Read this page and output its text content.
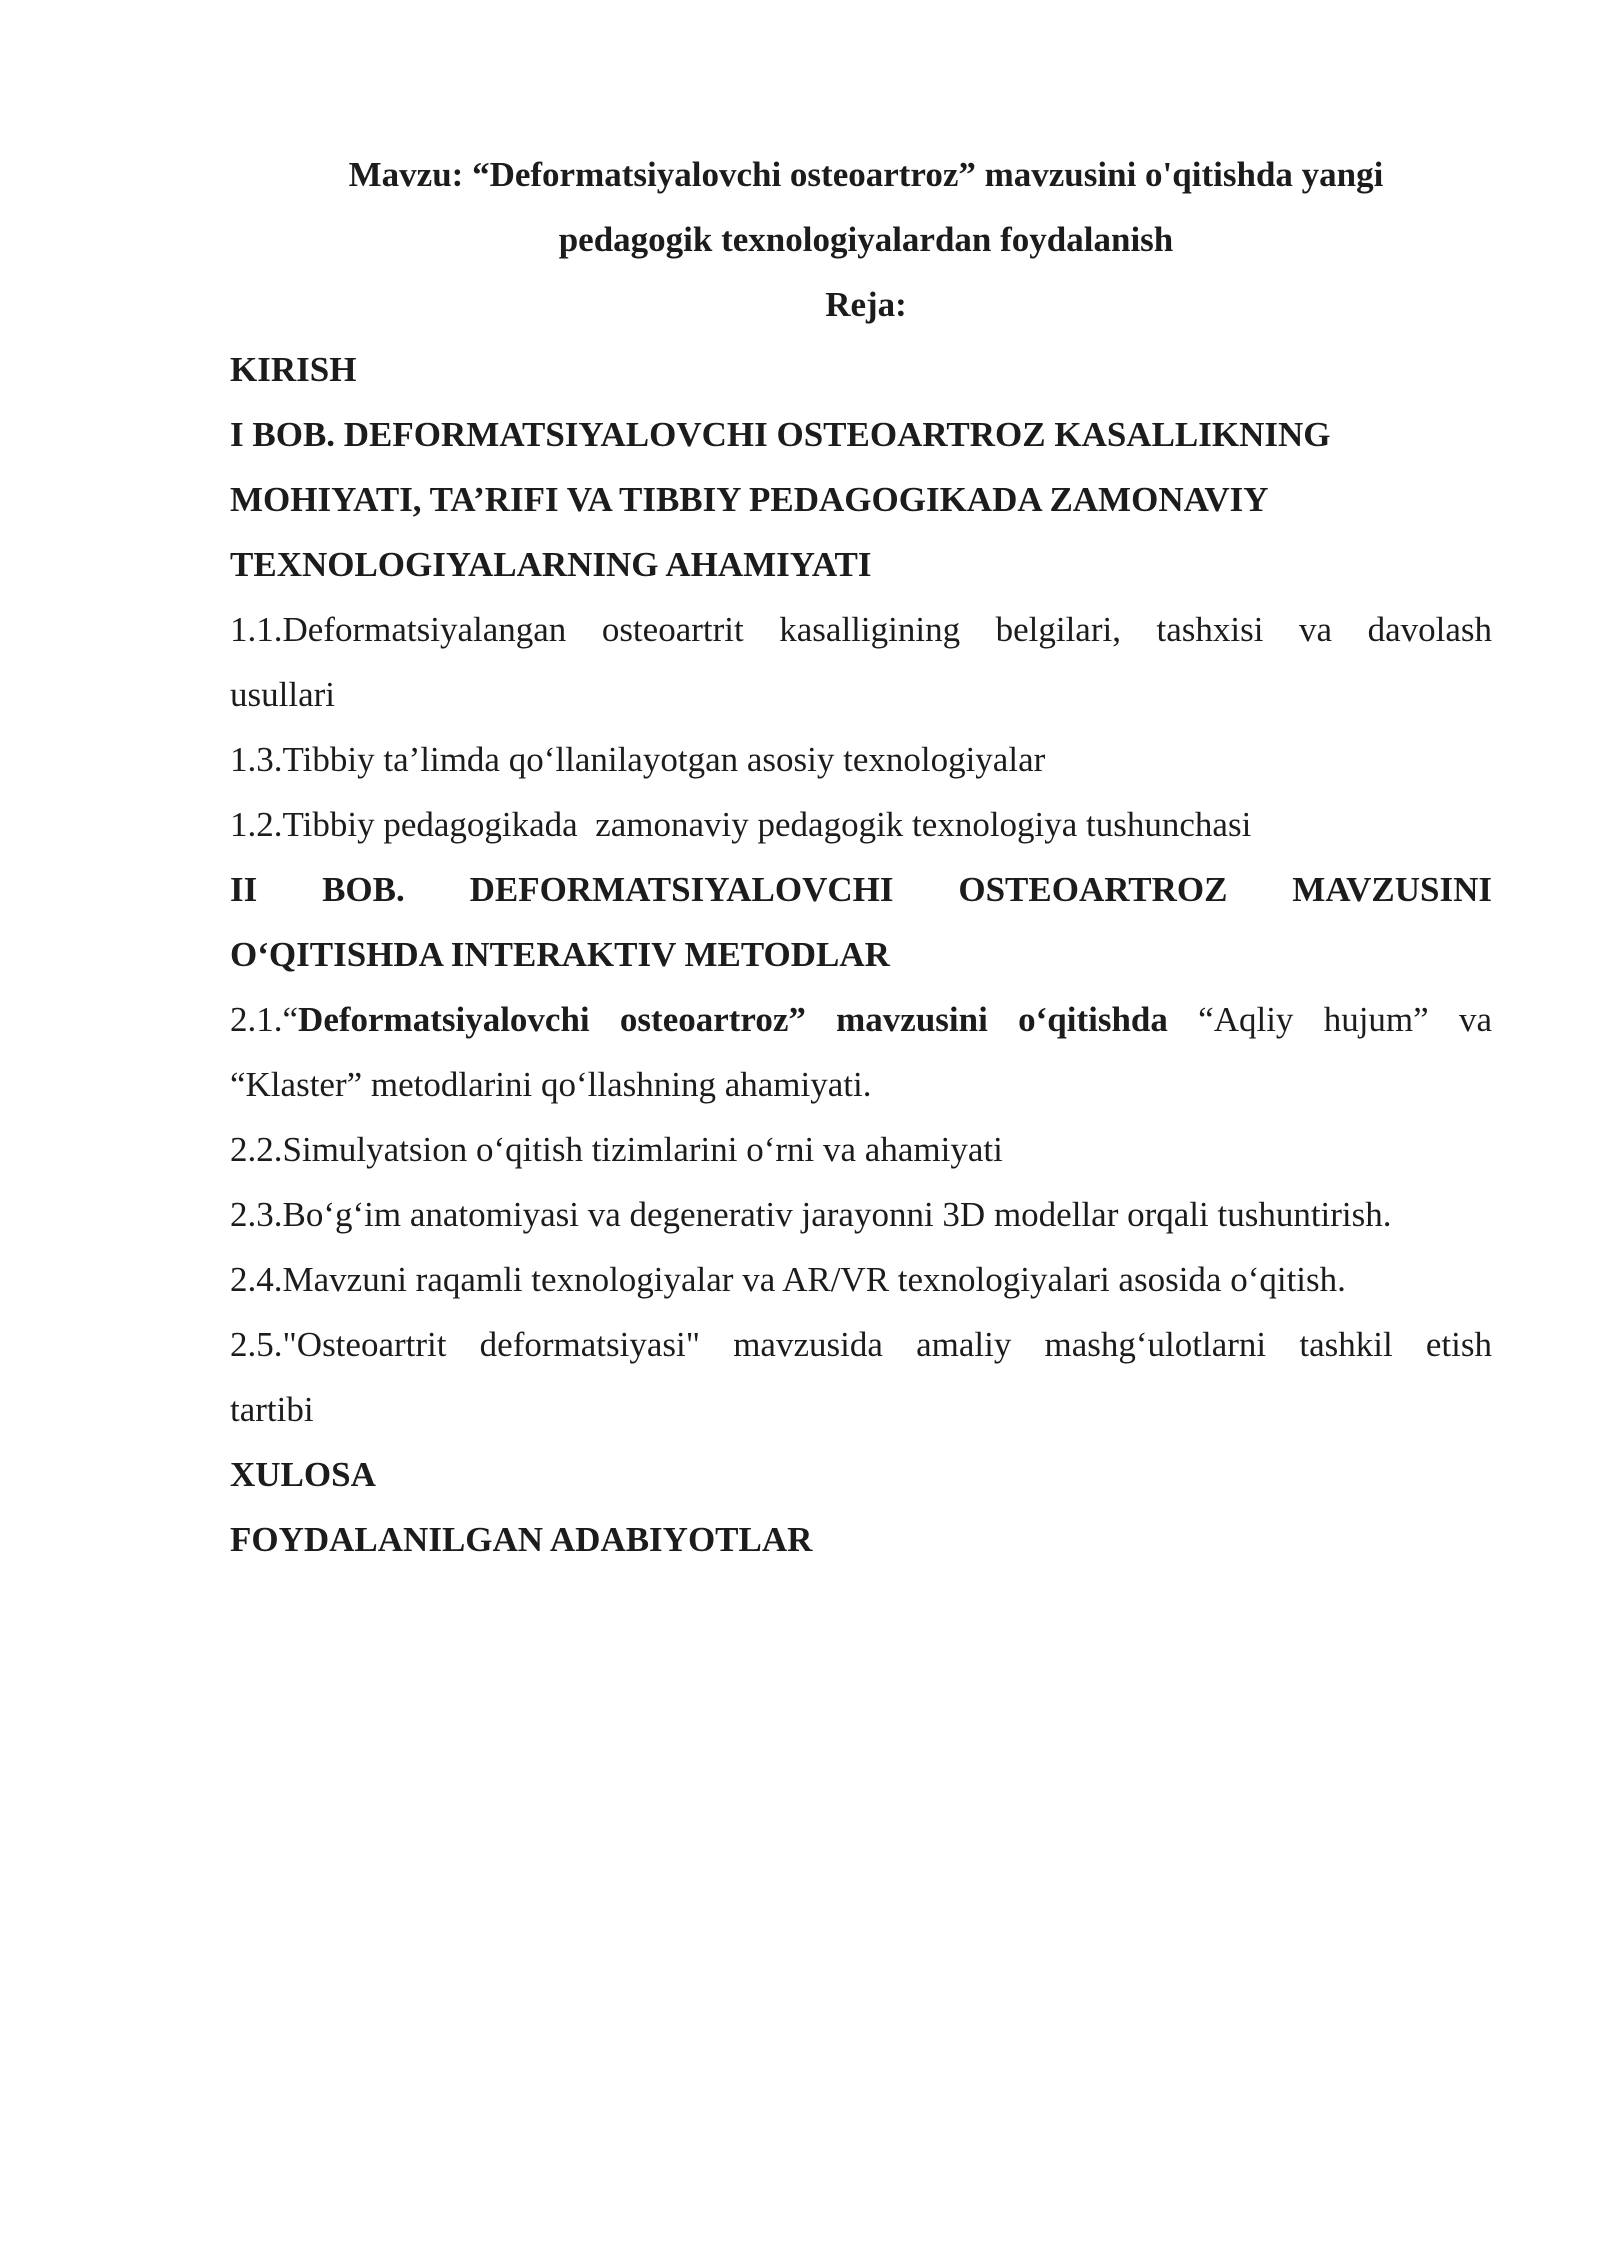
Mavzu: “Deformatsiyalovchi osteoartroz” mavzusini o'qitishda yangi
pedagogik texnologiyalardan foydalanish
Reja:
KIRISH
I BOB. DEFORMATSIYALOVCHI OSTEOARTROZ KASALLIKNING
MOHIYATI, TA’RIFI VA TIBBIY PEDAGOGIKADA ZAMONAVIY
TEXNOLOGIYALARNING AHAMIYATI
1.1.Deformatsiyalangan osteoartrit kasalligining belgilari, tashxisi va davolash
usullari
1.3.Tibbiy ta’limda qo‘llanilayotgan asosiy texnologiyalar
1.2.Tibbiy pedagogikada  zamonaviy pedagogik texnologiya tushunchasi
II BOB. DEFORMATSIYALOVCHI OSTEOARTROZ MAVZUSINI
O‘QITISHDA INTERAKTIV METODLAR
2.1.“Deformatsiyalovchi osteoartroz” mavzusini o‘qitishda “Aqliy hujum” va
“Klaster” metodlarini qo‘llashning ahamiyati.
2.2.Simulyatsion o‘qitish tizimlarini o‘rni va ahamiyati
2.3.Bo‘g‘im anatomiyasi va degenerativ jarayonni 3D modellar orqali tushuntirish.
2.4.Mavzuni raqamli texnologiyalar va AR/VR texnologiyalari asosida o‘qitish.
2.5."Osteoartrit deformatsiyasi" mavzusida amaliy mashg‘ulotlarni tashkil etish
tartibi
XULOSA
FOYDALANILGAN ADABIYOTLAR
